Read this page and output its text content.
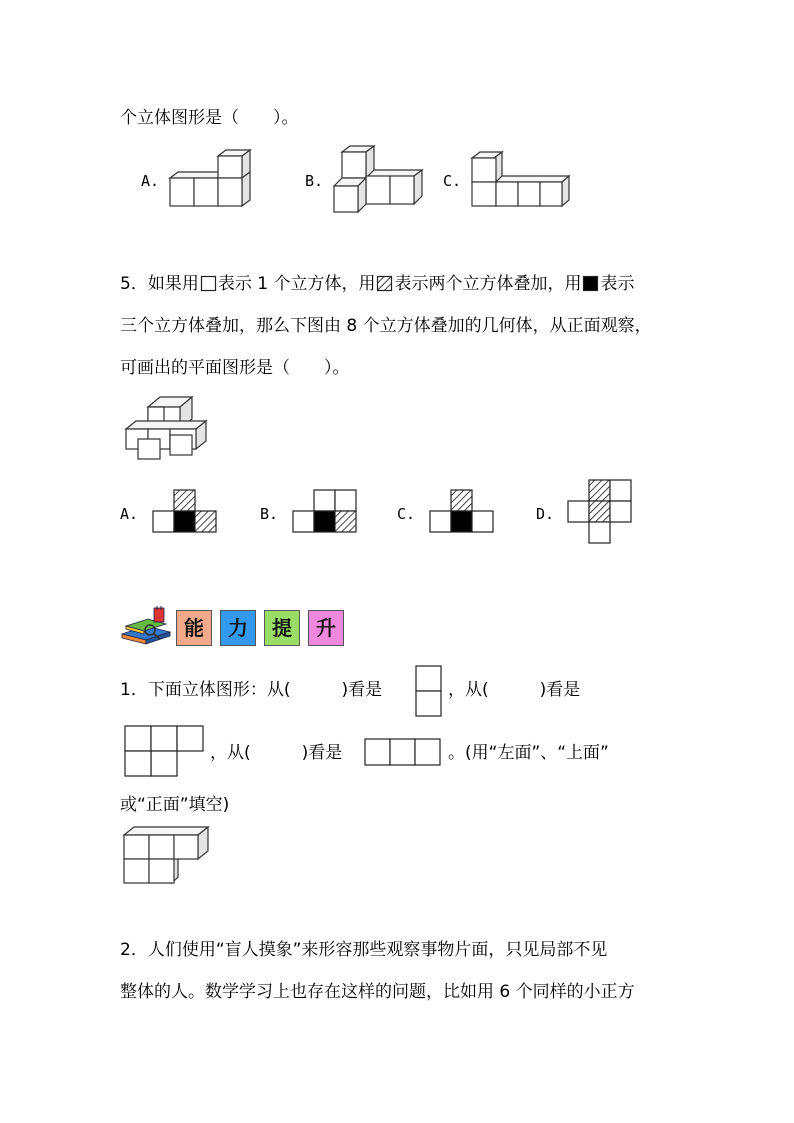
个立体图形是（　　）。
A.	B.	C.
5．如果用 表示 1 个立方体，用 表示两个立方体叠加，用 表示
三个立方体叠加，那么下图由 8 个立方体叠加的几何体，从正面观察，
可画出的平面图形是（　　）。
A.	B.	C.	D.
能	力	提	升
1．下面立体图形：从(　　　)看是	，从(　　　)看是
，从(　　　)看是	。(用“左面”、“上面”
或“正面”填空)
2．人们使用“盲人摸象”来形容那些观察事物片面，只见局部不见
整体的人。数学学习上也存在这样的问题，比如用 6 个同样的小正方
